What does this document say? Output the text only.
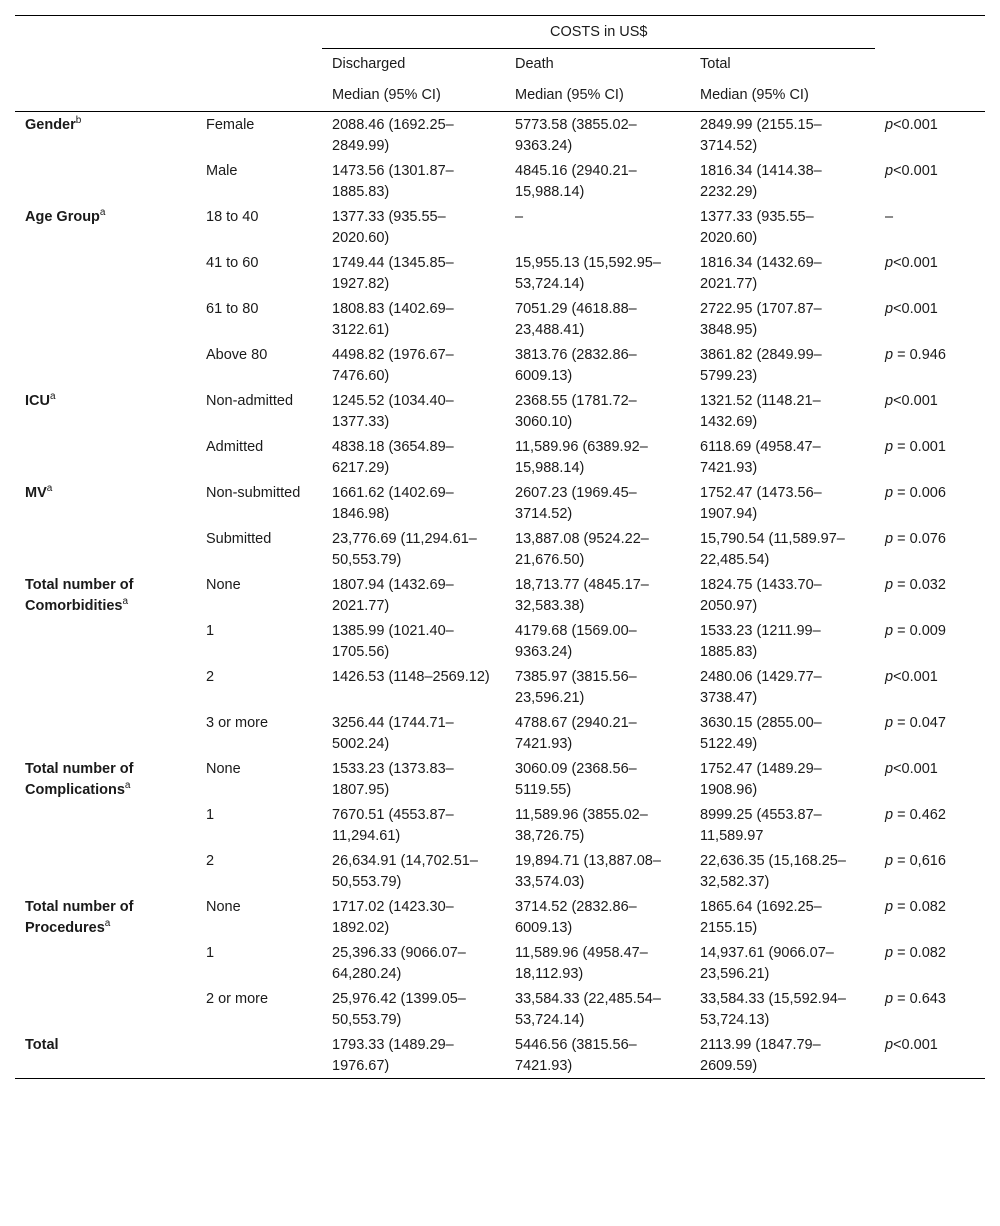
		COSTS in US$			

		Discharged	Death	Total	
		Median (95% CI)	Median (95% CI)	Median (95% CI)	
Gender$^b$	Female	2088.46 (1692.25–2849.99)	5773.58 (3855.02–9363.24)	2849.99 (2155.15–3714.52)	p<0.001
	Male	1473.56 (1301.87–1885.83)	4845.16 (2940.21–15,988.14)	1816.34 (1414.38–2232.29)	p<0.001
Age Group$^a$	18 to 40	1377.33 (935.55–2020.60)	–	1377.33 (935.55–2020.60)	–
	41 to 60	1749.44 (1345.85–1927.82)	15,955.13 (15,592.95–53,724.14)	1816.34 (1432.69–2021.77)	p<0.001
	61 to 80	1808.83 (1402.69–3122.61)	7051.29 (4618.88–23,488.41)	2722.95 (1707.87–3848.95)	p<0.001
	Above 80	4498.82 (1976.67–7476.60)	3813.76 (2832.86–6009.13)	3861.82 (2849.99–5799.23)	p = 0.946
ICU$^a$	Non-admitted	1245.52 (1034.40–1377.33)	2368.55 (1781.72–3060.10)	1321.52 (1148.21–1432.69)	p<0.001
	Admitted	4838.18 (3654.89–6217.29)	11,589.96 (6389.92–15,988.14)	6118.69 (4958.47–7421.93)	p = 0.001
$MV^a$	Non-submitted	1661.62 (1402.69–1846.98)	2607.23 (1969.45–3714.52)	1752.47 (1473.56–1907.94)	p = 0.006
	Submitted	23,776.69 (11,294.61–50,553.79)	13,887.08 (9524.22–21,676.50)	15,790.54 (11,589.97–22,485.54)	p = 0.076
Total number of Comorbidities$^a$	None	1807.94 (1432.69–2021.77)	18,713.77 (4845.17–32,583.38)	1824.75 (1433.70–2050.97)	p = 0.032
	1	1385.99 (1021.40–1705.56)	4179.68 (1569.00–9363.24)	1533.23 (1211.99–1885.83)	p = 0.009
	2	1426.53 (1148–2569.12)	7385.97 (3815.56–23,596.21)	2480.06 (1429.77–3738.47)	p<0.001
	3 or more	3256.44 (1744.71–5002.24)	4788.67 (2940.21–7421.93)	3630.15 (2855.00–5122.49)	p = 0.047
Total number of Complications$^a$	None	1533.23 (1373.83–1807.95)	3060.09 (2368.56–5119.55)	1752.47 (1489.29–1908.96)	p<0.001
	1	7670.51 (4553.87–11,294.61)	11,589.96 (3855.02–38,726.75)	8999.25 (4553.87–11,589.97	p = 0.462
	2	26,634.91 (14,702.51–50,553.79)	19,894.71 (13,887.08–33,574.03)	22,636.35 (15,168.25–32,582.37)	p = 0,616
Total number of Procedures$^a$	None	1717.02 (1423.30–1892.02)	3714.52 (2832.86–6009.13)	1865.64 (1692.25–2155.15)	p = 0.082
	1	25,396.33 (9066.07–64,280.24)	11,589.96 (4958.47–18,112.93)	14,937.61 (9066.07–23,596.21)	p = 0.082
	2 or more	25,976.42 (1399.05–50,553.79)	33,584.33 (22,485.54–53,724.14)	33,584.33 (15,592.94–53,724.13)	p = 0.643
Total		1793.33 (1489.29–1976.67)	5446.56 (3815.56–7421.93)	2113.99 (1847.79–2609.59)	p<0.001
